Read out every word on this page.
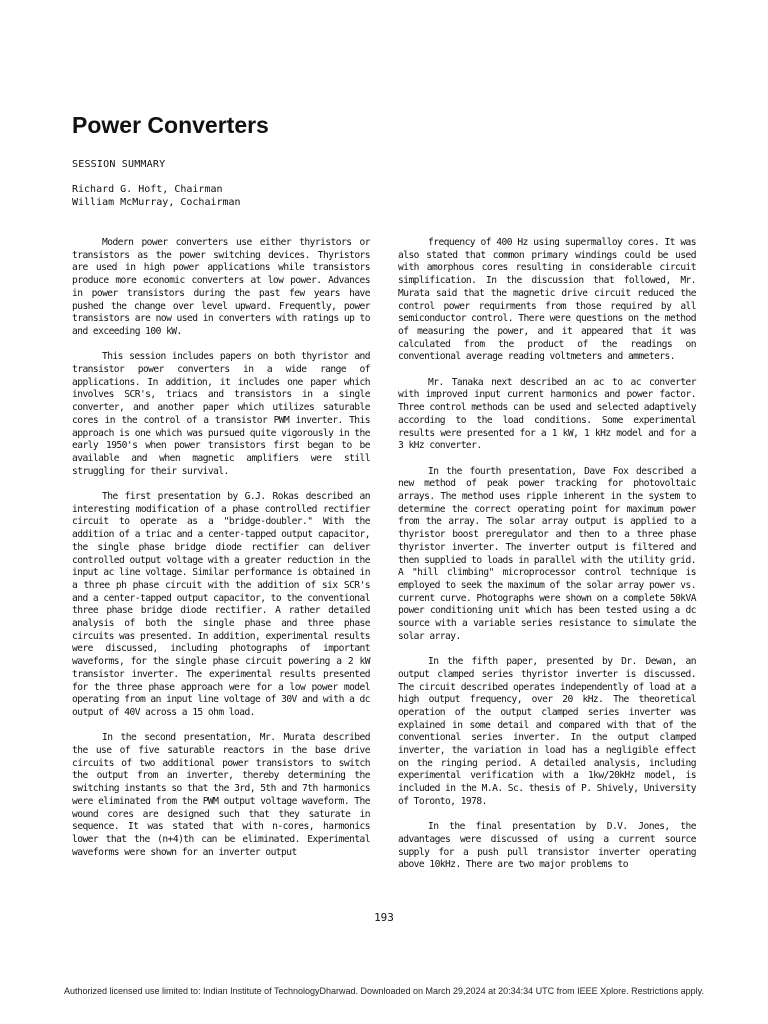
Power Converters
SESSION SUMMARY
Richard G. Hoft, Chairman
William McMurray, Cochairman

Modern power converters use either thyristors or transistors as the power switching devices. Thyristors are used in high power applications while transistors produce more economic converters at low power. Advances in power transistors during the past few years have pushed the change over level upward. Frequently, power transistors are now used in converters with ratings up to and exceeding 100 kW.

This session includes papers on both thyristor and transistor power converters in a wide range of applications. In addition, it includes one paper which involves SCR's, triacs and transistors in a single converter, and another paper which utilizes saturable cores in the control of a transistor PWM inverter. This approach is one which was pursued quite vigorously in the early 1950's when power transistors first began to be available and when magnetic amplifiers were still struggling for their survival.

The first presentation by G.J. Rokas described an interesting modification of a phase controlled rectifier circuit to operate as a "bridge-doubler." With the addition of a triac and a center-tapped output capacitor, the single phase bridge diode rectifier can deliver controlled output voltage with a greater reduction in the input ac line voltage. Similar performance is obtained in a three ph phase circuit with the addition of six SCR's and a center-tapped output capacitor, to the conventional three phase bridge diode rectifier. A rather detailed analysis of both the single phase and three phase circuits was presented. In addition, experimental results were discussed, including photographs of important waveforms, for the single phase circuit powering a 2 kW transistor inverter. The experimental results presented for the three phase approach were for a low power model operating from an input line voltage of 30V and with a dc output of 40V across a 15 ohm load.

In the second presentation, Mr. Murata described the use of five saturable reactors in the base drive circuits of two additional power transistors to switch the output from an inverter, thereby determining the switching instants so that the 3rd, 5th and 7th harmonics were eliminated from the PWM output voltage waveform. The wound cores are designed such that they saturate in sequence. It was stated that with n-cores, harmonics lower that the (n+4)th can be eliminated. Experimental waveforms were shown for an inverter output

frequency of 400 Hz using supermalloy cores. It was also stated that common primary windings could be used with amorphous cores resulting in considerable circuit simplification. In the discussion that followed, Mr. Murata said that the magnetic drive circuit reduced the control power requirments from those required by all semiconductor control. There were questions on the method of measuring the power, and it appeared that it was calculated from the product of the readings on conventional average reading voltmeters and ammeters.

Mr. Tanaka next described an ac to ac converter with improved input current harmonics and power factor. Three control methods can be used and selected adaptively according to the load conditions. Some experimental results were presented for a 1 kW, 1 kHz model and for a 3 kHz converter.

In the fourth presentation, Dave Fox described a new method of peak power tracking for photovoltaic arrays. The method uses ripple inherent in the system to determine the correct operating point for maximum power from the array. The solar array output is applied to a thyristor boost preregulator and then to a three phase thyristor inverter. The inverter output is filtered and then supplied to loads in parallel with the utility grid. A "hill climbing" microprocessor control technique is employed to seek the maximum of the solar array power vs. current curve. Photographs were shown on a complete 50kVA power conditioning unit which has been tested using a dc source with a variable series resistance to simulate the solar array.

In the fifth paper, presented by Dr. Dewan, an output clamped series thyristor inverter is discussed. The circuit described operates independently of load at a high output frequency, over 20 kHz. The theoretical operation of the output clamped series inverter was explained in some detail and compared with that of the conventional series inverter. In the output clamped inverter, the variation in load has a negligible effect on the ringing period. A detailed analysis, including experimental verification with a 1kw/20kHz model, is included in the M.A. Sc. thesis of P. Shively, University of Toronto, 1978.

In the final presentation by D.V. Jones, the advantages were discussed of using a current source supply for a push pull transistor inverter operating above 10kHz. There are two major problems to

193
Authorized licensed use limited to: Indian Institute of TechnologyDharwad. Downloaded on March 29,2024 at 20:34:34 UTC from IEEE Xplore. Restrictions apply.
